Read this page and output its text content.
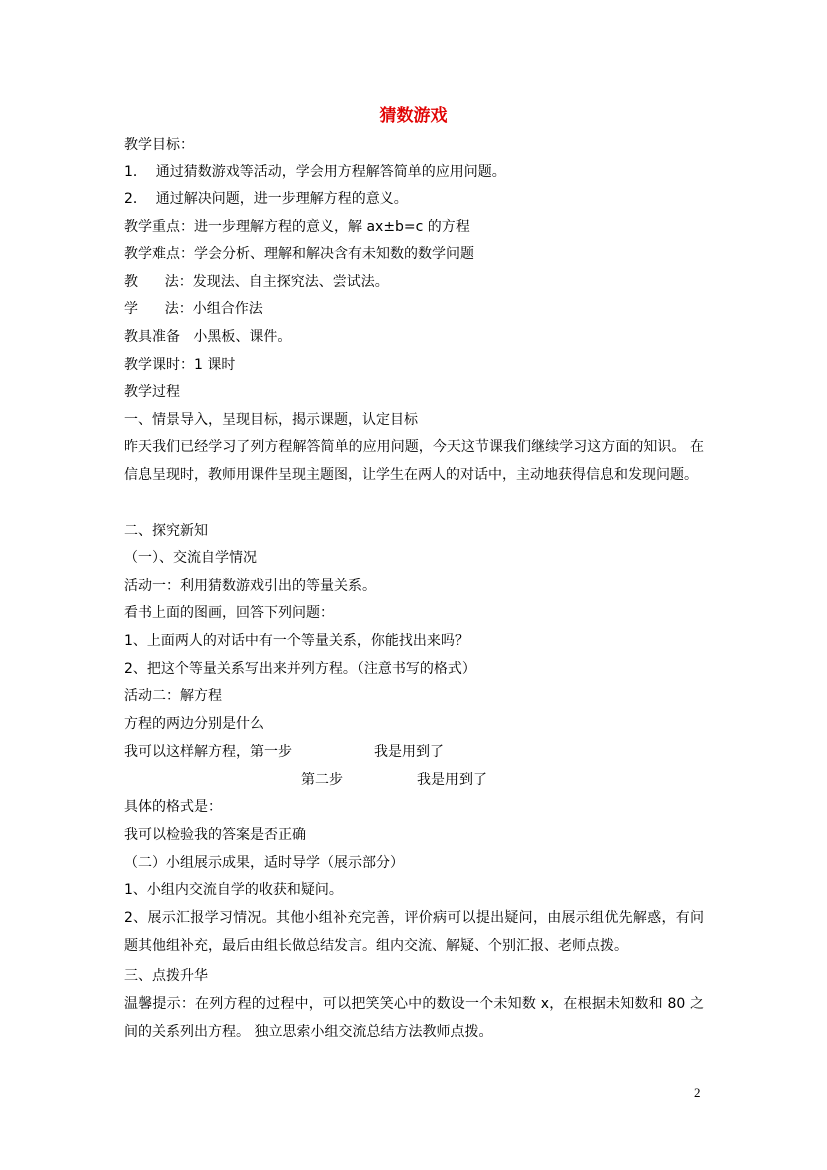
猜数游戏
教学目标：
1．  通过猜数游戏等活动，学会用方程解答简单的应用问题。
2．  通过解决问题，进一步理解方程的意义。
教学重点：进一步理解方程的意义，解 ax±b=c 的方程
教学难点：学会分析、理解和解决含有未知数的数学问题
教      法：发现法、自主探究法、尝试法。
学      法：小组合作法
教具准备   小黑板、课件。
教学课时：1 课时
教学过程
一、情景导入，呈现目标，揭示课题，认定目标
昨天我们已经学习了列方程解答简单的应用问题，今天这节课我们继续学习这方面的知识。 在信息呈现时，教师用课件呈现主题图，让学生在两人的对话中，主动地获得信息和发现问题。
二、探究新知
（一）、交流自学情况
活动一：利用猜数游戏引出的等量关系。
看书上面的图画，回答下列问题：
1、上面两人的对话中有一个等量关系，你能找出来吗？
2、把这个等量关系写出来并列方程。（注意书写的格式）
活动二：解方程
方程的两边分别是什么
我可以这样解方程，第一步	我是用到了
第二步	我是用到了
具体的格式是：
我可以检验我的答案是否正确
（二）小组展示成果，适时导学（展示部分）
1、小组内交流自学的收获和疑问。
2、展示汇报学习情况。其他小组补充完善，评价病可以提出疑问，由展示组优先解惑，有问题其他组补充，最后由组长做总结发言。组内交流、解疑、个别汇报、老师点拨。
三、点拨升华
温馨提示：在列方程的过程中，可以把笑笑心中的数设一个未知数 x，在根据未知数和 80 之间的关系列出方程。 独立思索小组交流总结方法教师点拨。
2
